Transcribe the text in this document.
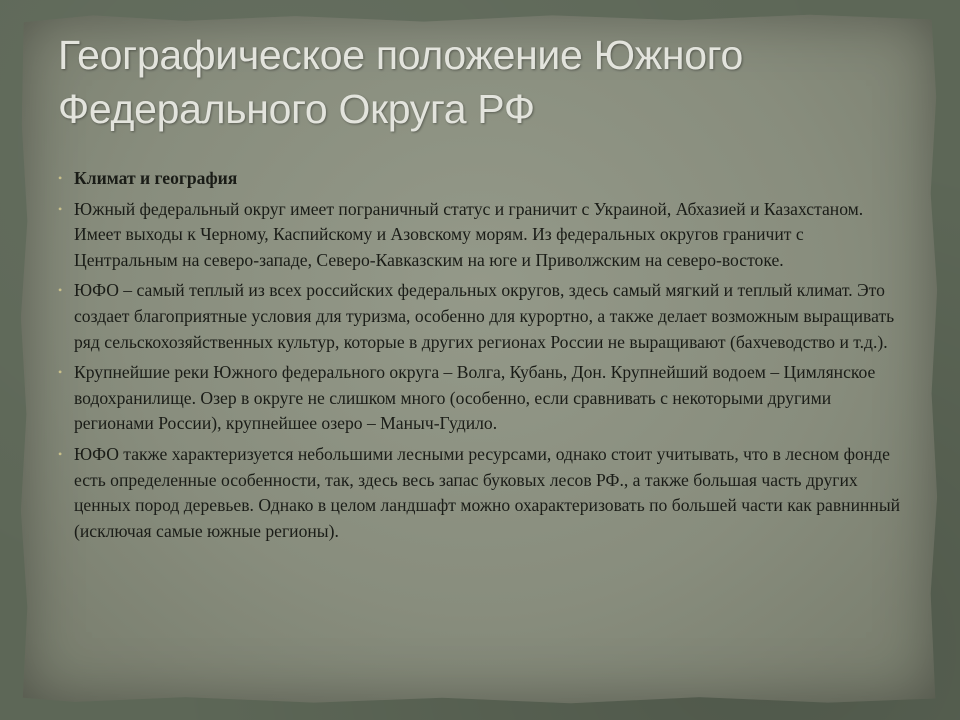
Географическое положение Южного Федерального Округа РФ
• Климат и география
• Южный федеральный округ имеет пограничный статус и граничит с Украиной, Абхазией и Казахстаном. Имеет выходы к Черному, Каспийскому и Азовскому морям. Из федеральных округов граничит с Центральным на северо-западе, Северо-Кавказским на юге и Приволжским на северо-востоке.
• ЮФО – самый теплый из всех российских федеральных округов, здесь самый мягкий и теплый климат. Это создает благоприятные условия для туризма, особенно для курортно, а также делает возможным выращивать ряд сельскохозяйственных культур, которые в других регионах России не выращивают (бахчеводство и т.д.).
• Крупнейшие реки Южного федерального округа – Волга, Кубань, Дон. Крупнейший водоем – Цимлянское водохранилище. Озер в округе не слишком много (особенно, если сравнивать с некоторыми другими регионами России), крупнейшее озеро – Маныч-Гудило.
• ЮФО также характеризуется небольшими лесными ресурсами, однако стоит учитывать, что в лесном фонде есть определенные особенности, так, здесь весь запас буковых лесов РФ., а также большая часть других ценных пород деревьев. Однако в целом ландшафт можно охарактеризовать по большей части как равнинный (исключая самые южные регионы).
